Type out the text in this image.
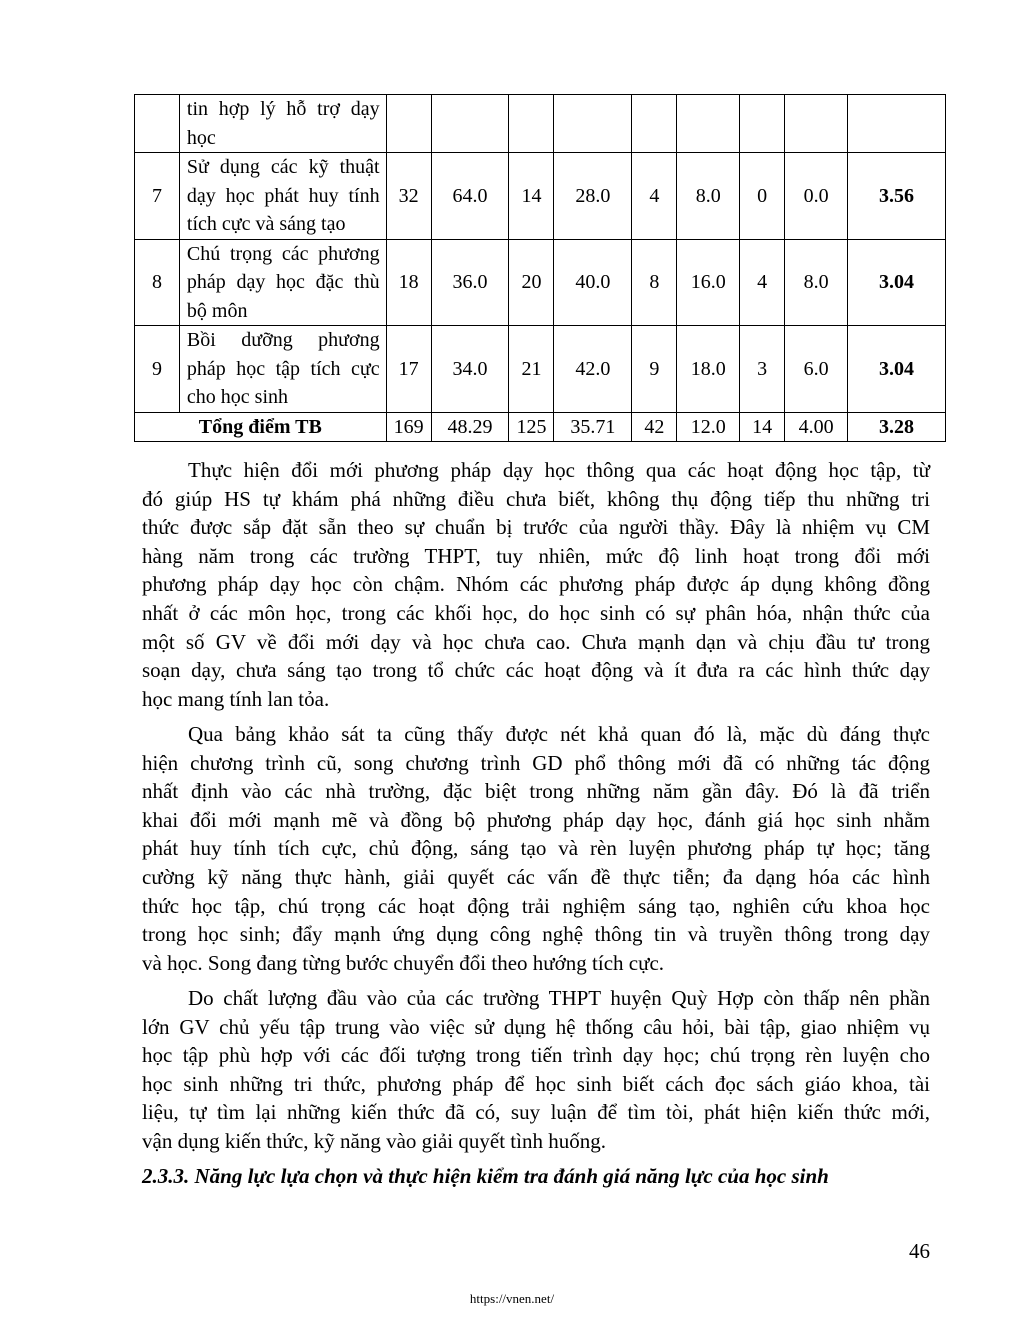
	tin hợp lý hỗ trợ dạy
học									

7	Sử dụng các kỹ thuật
dạy học phát huy tính
tích cực và sáng tạo	32	64.0	14	28.0	4	8.0	0	0.0	3.56
8	Chú trọng các phương
pháp dạy học đặc thù
bộ môn	18	36.0	20	40.0	8	16.0	4	8.0	3.04
9	Bồi dưỡng phương
pháp học tập tích cực
cho học sinh	17	34.0	21	42.0	9	18.0	3	6.0	3.04
Tổng điểm TB		169	48.29	125	35.71	42	12.0	14	4.00	3.28
Thực hiện đổi mới phương pháp dạy học thông qua các hoạt động học tập, từ
đó giúp HS tự khám phá những điều chưa biết, không thụ động tiếp thu những tri
thức được sắp đặt sẵn theo sự chuẩn bị trước của người thầy. Đây là nhiệm vụ CM
hàng năm trong các trường THPT, tuy nhiên, mức độ linh hoạt trong đổi mới
phương pháp dạy học còn chậm. Nhóm các phương pháp được áp dụng không đồng
nhất ở các môn học, trong các khối học, do học sinh có sự phân hóa, nhận thức của
một số GV về đổi mới dạy và học chưa cao. Chưa mạnh dạn và chịu đầu tư trong
soạn dạy, chưa sáng tạo trong tổ chức các hoạt động và ít đưa ra các hình thức dạy
học mang tính lan tỏa.
Qua bảng khảo sát ta cũng thấy được nét khả quan đó là, mặc dù đáng thực
hiện chương trình cũ, song chương trình GD phổ thông mới đã có những tác động
nhất định vào các nhà trường, đặc biệt trong những năm gần đây. Đó là đã triển
khai đổi mới mạnh mẽ và đồng bộ phương pháp dạy học, đánh giá học sinh nhằm
phát huy tính tích cực, chủ động, sáng tạo và rèn luyện phương pháp tự học; tăng
cường kỹ năng thực hành, giải quyết các vấn đề thực tiễn; đa dạng hóa các hình
thức học tập, chú trọng các hoạt động trải nghiệm sáng tạo, nghiên cứu khoa học
trong học sinh; đẩy mạnh ứng dụng công nghệ thông tin và truyền thông trong dạy
và học. Song đang từng bước chuyển đổi theo hướng tích cực.
Do chất lượng đầu vào của các trường THPT huyện Quỳ Hợp còn thấp nên phần
lớn GV chủ yếu tập trung vào việc sử dụng hệ thống câu hỏi, bài tập, giao nhiệm vụ
học tập phù hợp với các đối tượng trong tiến trình dạy học; chú trọng rèn luyện cho
học sinh những tri thức, phương pháp để học sinh biết cách đọc sách giáo khoa, tài
liệu, tự tìm lại những kiến thức đã có, suy luận để tìm tòi, phát hiện kiến thức mới,
vận dụng kiến thức, kỹ năng vào giải quyết tình huống.

2.3.3. Năng lực lựa chọn và thực hiện kiểm tra đánh giá năng lực của học sinh

46
https://vnen.net/
